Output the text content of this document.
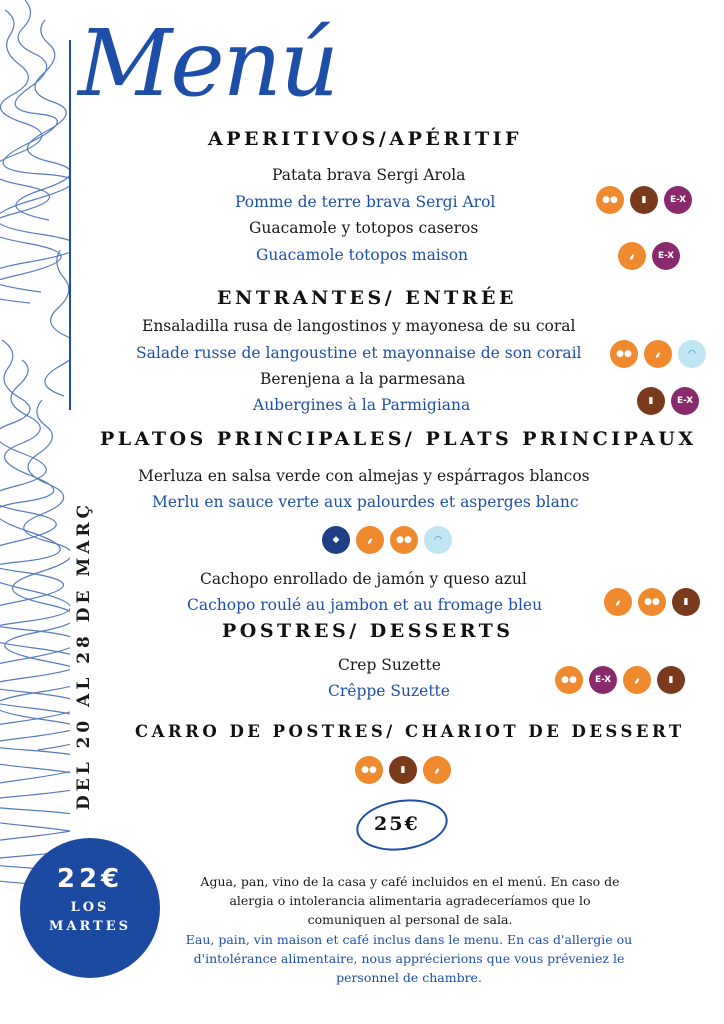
Menú
DEL 20 AL 28 DE MARÇ
APERITIVOS/APÉRITIF
Patata brava Sergi Arola
Pomme de terre brava Sergi Arol	●●	▮	E-X
Guacamole y totopos caseros
Guacamole totopos maison	⸙	E-X
ENTRANTES/ ENTRÉE
Ensaladilla rusa de langostinos y mayonesa de su coral
Salade russe de langoustine et mayonnaise de son corail	●●	⸙	◠
Berenjena a la parmesana
Aubergines à la Parmigiana	▮	E-X
PLATOS PRINCIPALES/ PLATS PRINCIPAUX
Merluza en salsa verde con almejas y espárragos blancos
Merlu en sauce verte aux palourdes et asperges blanc
◆	⸙	●●	◠
Cachopo enrollado de jamón y queso azul
Cachopo roulé au jambon et au fromage bleu	⸙	●●	▮
POSTRES/ DESSERTS
Crep Suzette
Crêppe Suzette
●●	E-X	⸙	▮
CARRO DE POSTRES/ CHARIOT DE DESSERT
●●	▮	⸙
25€
22€
LOS
MARTES
Agua, pan, vino de la casa y café incluidos en el menú. En caso de alergia o intolerancia alimentaria agradeceríamos que lo comuniquen al personal de sala.
Eau, pain, vin maison et café inclus dans le menu. En cas d'allergie ou d'intolérance alimentaire, nous apprécierions que vous préveniez le personnel de chambre.
